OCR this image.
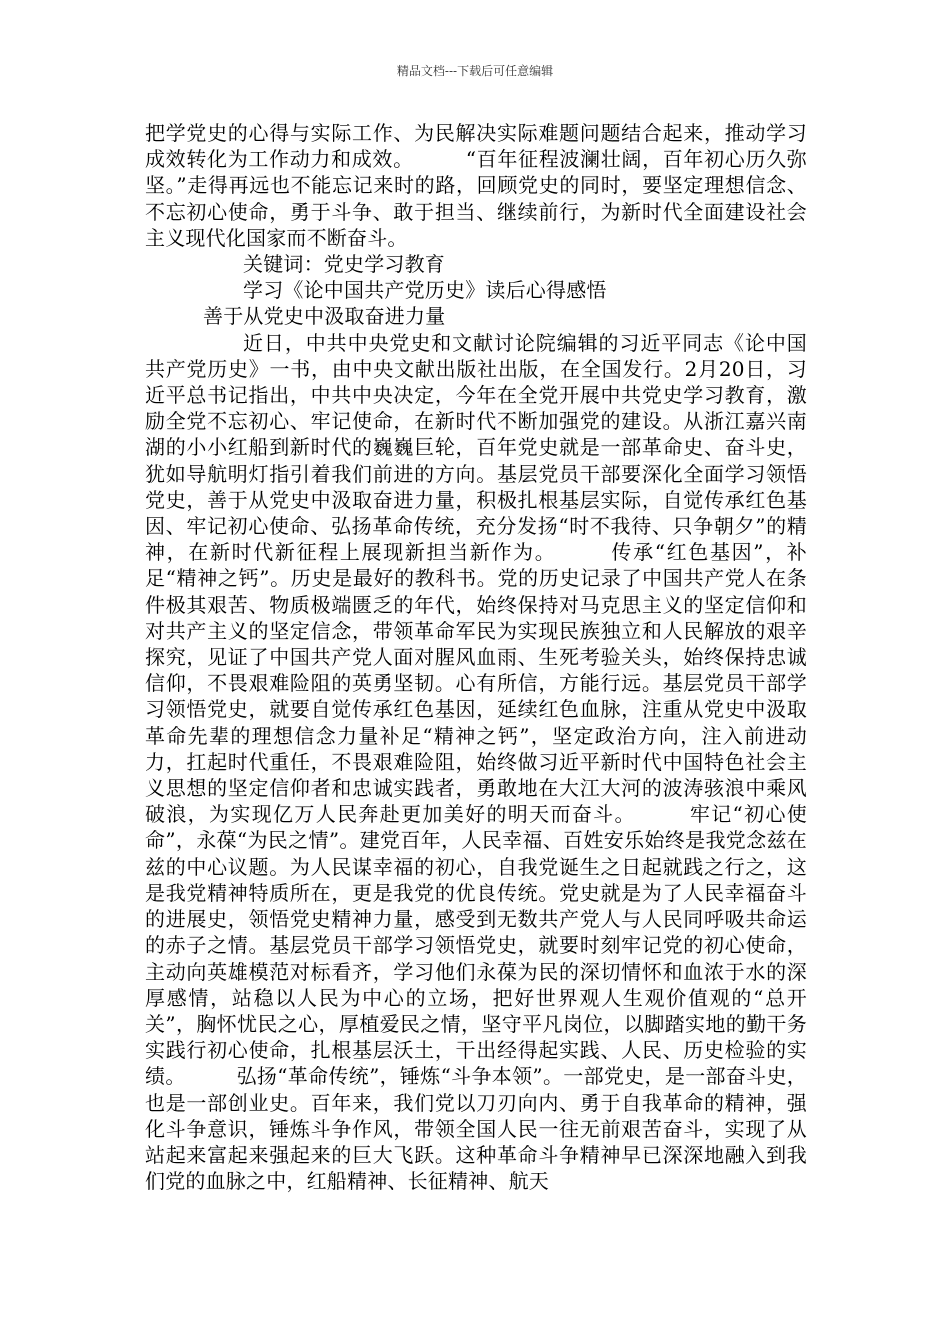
精品文档---下载后可任意编辑

把学党史的心得与实际工作、为民解决实际难题问题结合起来，推动学习成效转化为工作动力和成效。　　　“百年征程波澜壮阔，百年初心历久弥坚。”走得再远也不能忘记来时的路，回顾党史的同时，要坚定理想信念、不忘初心使命，勇于斗争、敢于担当、继续前行，为新时代全面建设社会主义现代化国家而不断奋斗。

关键词：党史学习教育

学习《论中国共产党历史》读后心得感悟

善于从党史中汲取奋进力量

近日，中共中央党史和文献讨论院编辑的习近平同志《论中国共产党历史》一书，由中央文献出版社出版，在全国发行。2月20日，习近平总书记指出，中共中央决定，今年在全党开展中共党史学习教育，激励全党不忘初心、牢记使命，在新时代不断加强党的建设。从浙江嘉兴南湖的小小红船到新时代的巍巍巨轮，百年党史就是一部革命史、奋斗史，犹如导航明灯指引着我们前进的方向。基层党员干部要深化全面学习领悟党史，善于从党史中汲取奋进力量，积极扎根基层实际，自觉传承红色基因、牢记初心使命、弘扬革命传统，充分发扬“时不我待、只争朝夕”的精神，在新时代新征程上展现新担当新作为。　　　传承“红色基因”，补足“精神之钙”。历史是最好的教科书。党的历史记录了中国共产党人在条件极其艰苦、物质极端匮乏的年代，始终保持对马克思主义的坚定信仰和对共产主义的坚定信念，带领革命军民为实现民族独立和人民解放的艰辛探究，见证了中国共产党人面对腥风血雨、生死考验关头，始终保持忠诚信仰，不畏艰难险阻的英勇坚韧。心有所信，方能行远。基层党员干部学习领悟党史，就要自觉传承红色基因，延续红色血脉，注重从党史中汲取革命先辈的理想信念力量补足“精神之钙”，坚定政治方向，注入前进动力，扛起时代重任，不畏艰难险阻，始终做习近平新时代中国特色社会主义思想的坚定信仰者和忠诚实践者，勇敢地在大江大河的波涛骇浪中乘风破浪，为实现亿万人民奔赴更加美好的明天而奋斗。　　　牢记“初心使命”，永葆“为民之情”。建党百年，人民幸福、百姓安乐始终是我党念兹在兹的中心议题。为人民谋幸福的初心，自我党诞生之日起就践之行之，这是我党精神特质所在，更是我党的优良传统。党史就是为了人民幸福奋斗的进展史，领悟党史精神力量，感受到无数共产党人与人民同呼吸共命运的赤子之情。基层党员干部学习领悟党史，就要时刻牢记党的初心使命，主动向英雄模范对标看齐，学习他们永葆为民的深切情怀和血浓于水的深厚感情，站稳以人民为中心的立场，把好世界观人生观价值观的“总开关”，胸怀忧民之心，厚植爱民之情，坚守平凡岗位，以脚踏实地的勤干务实践行初心使命，扎根基层沃土，干出经得起实践、人民、历史检验的实绩。　　　弘扬“革命传统”，锤炼“斗争本领”。一部党史，是一部奋斗史，也是一部创业史。百年来，我们党以刀刃向内、勇于自我革命的精神，强化斗争意识，锤炼斗争作风，带领全国人民一往无前艰苦奋斗，实现了从站起来富起来强起来的巨大飞跃。这种革命斗争精神早已深深地融入到我们党的血脉之中，红船精神、长征精神、航天
